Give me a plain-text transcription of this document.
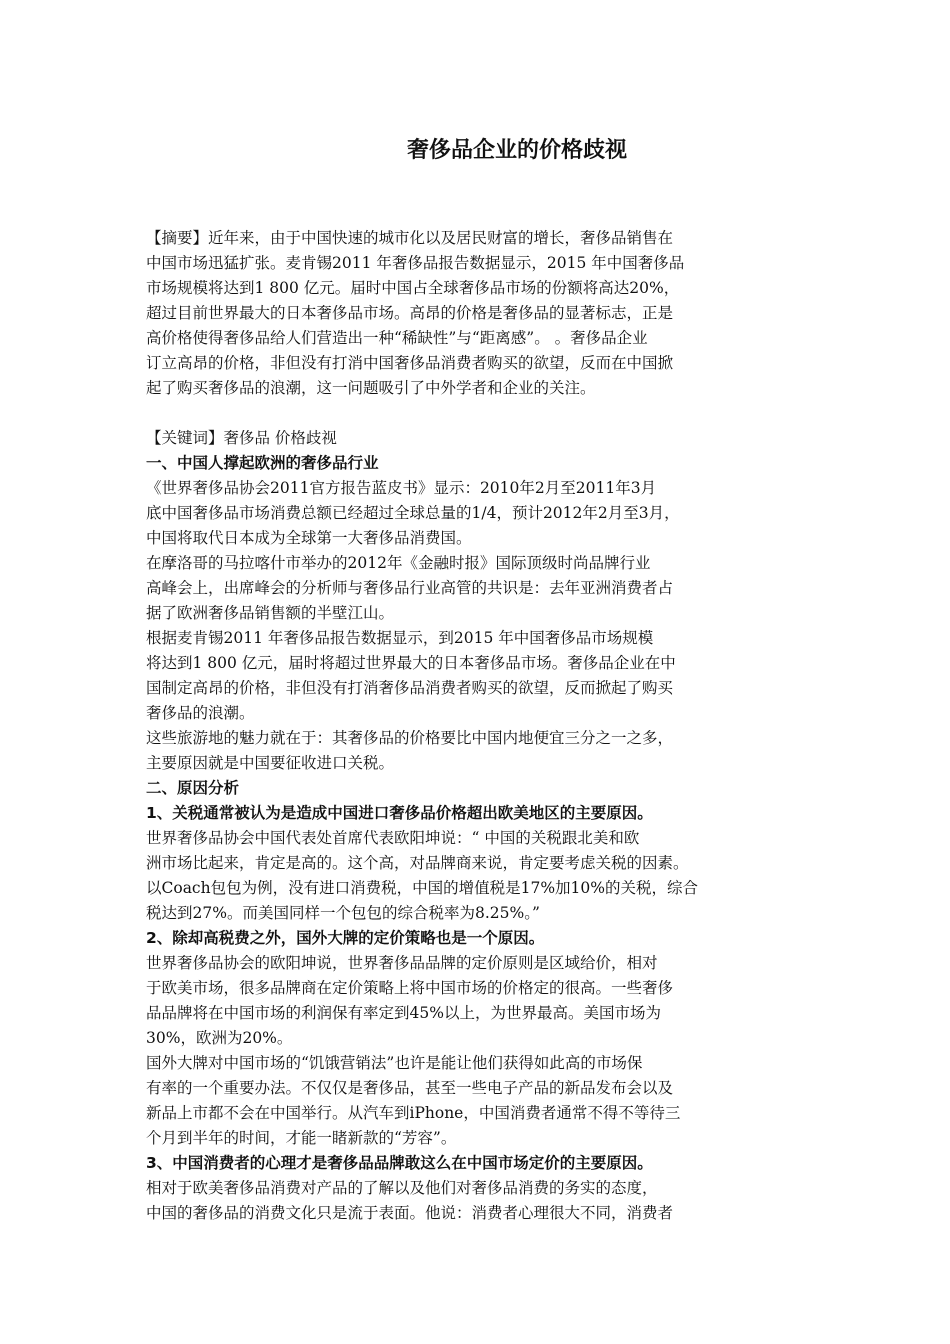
奢侈品企业的价格歧视
【摘要】近年来，由于中国快速的城市化以及居民财富的增长，奢侈品销售在
中国市场迅猛扩张。麦肯锡2011 年奢侈品报告数据显示，2015 年中国奢侈品
市场规模将达到1 800 亿元。届时中国占全球奢侈品市场的份额将高达20%，
超过目前世界最大的日本奢侈品市场。高昂的价格是奢侈品的显著标志，正是
高价格使得奢侈品给人们营造出一种“稀缺性”与“距离感”。 。奢侈品企业
订立高昂的价格，非但没有打消中国奢侈品消费者购买的欲望，反而在中国掀
起了购买奢侈品的浪潮，这一问题吸引了中外学者和企业的关注。
【关键词】奢侈品 价格歧视
一、中国人撑起欧洲的奢侈品行业
《世界奢侈品协会2011官方报告蓝皮书》显示：2010年2月至2011年3月
底中国奢侈品市场消费总额已经超过全球总量的1/4，预计2012年2月至3月，
中国将取代日本成为全球第一大奢侈品消费国。
在摩洛哥的马拉喀什市举办的2012年《金融时报》国际顶级时尚品牌行业
高峰会上，出席峰会的分析师与奢侈品行业高管的共识是：去年亚洲消费者占
据了欧洲奢侈品销售额的半壁江山。
根据麦肯锡2011 年奢侈品报告数据显示，到2015 年中国奢侈品市场规模
将达到1 800 亿元，届时将超过世界最大的日本奢侈品市场。奢侈品企业在中
国制定高昂的价格，非但没有打消奢侈品消费者购买的欲望，反而掀起了购买
奢侈品的浪潮。
这些旅游地的魅力就在于：其奢侈品的价格要比中国内地便宜三分之一之多，
主要原因就是中国要征收进口关税。
二、原因分析
1、关税通常被认为是造成中国进口奢侈品价格超出欧美地区的主要原因。
世界奢侈品协会中国代表处首席代表欧阳坤说：“ 中国的关税跟北美和欧
洲市场比起来，肯定是高的。这个高，对品牌商来说，肯定要考虑关税的因素。
以Coach包包为例，没有进口消费税，中国的增值税是17%加10%的关税，综合
税达到27%。而美国同样一个包包的综合税率为8.25%。”
2、除却高税费之外，国外大牌的定价策略也是一个原因。
世界奢侈品协会的欧阳坤说，世界奢侈品品牌的定价原则是区域给价，相对
于欧美市场，很多品牌商在定价策略上将中国市场的价格定的很高。一些奢侈
品品牌将在中国市场的利润保有率定到45%以上，为世界最高。美国市场为
30%，欧洲为20%。
国外大牌对中国市场的“饥饿营销法”也许是能让他们获得如此高的市场保
有率的一个重要办法。不仅仅是奢侈品，甚至一些电子产品的新品发布会以及
新品上市都不会在中国举行。从汽车到iPhone，中国消费者通常不得不等待三
个月到半年的时间，才能一睹新款的“芳容”。
3、中国消费者的心理才是奢侈品品牌敢这么在中国市场定价的主要原因。
相对于欧美奢侈品消费对产品的了解以及他们对奢侈品消费的务实的态度，
中国的奢侈品的消费文化只是流于表面。他说：消费者心理很大不同，消费者
